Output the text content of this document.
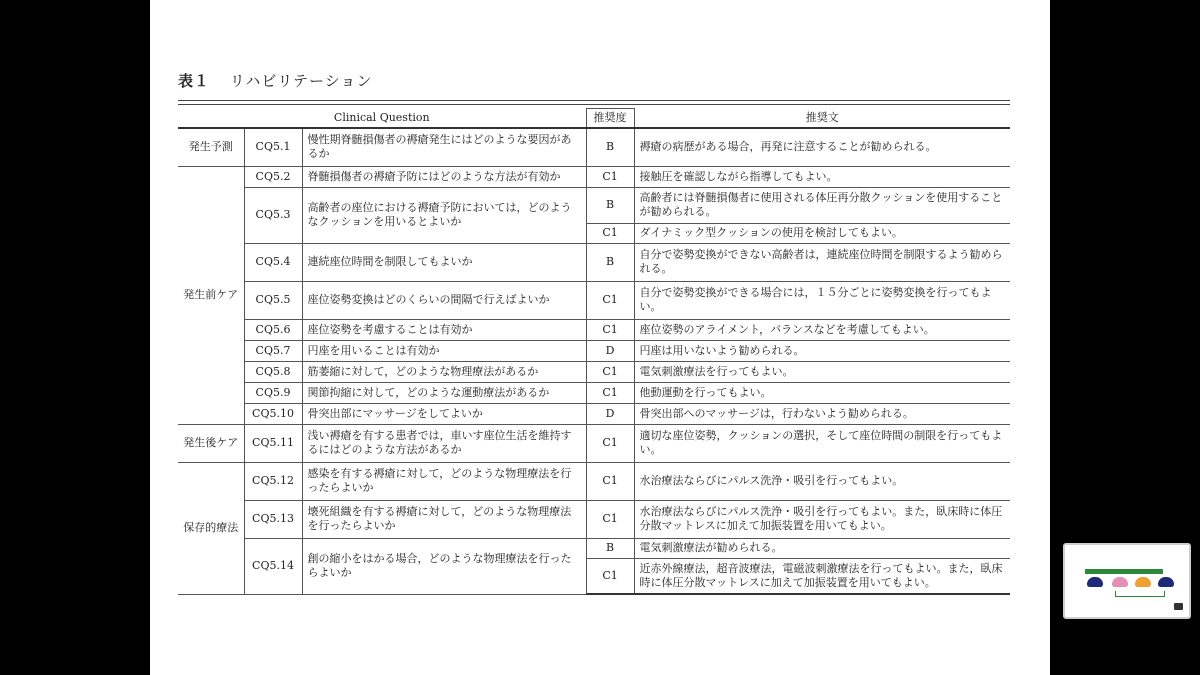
表１ リハビリテーション
Clinical Question			推奨度	推奨文
発生予測	CQ5.1	慢性期脊髄損傷者の褥瘡発生にはどのような要因があるか	B	褥瘡の病歴がある場合，再発に注意することが勧められる。
発生前ケア	CQ5.2	脊髄損傷者の褥瘡予防にはどのような方法が有効か	C1	接触圧を確認しながら指導してもよい。
	CQ5.3	高齢者の座位における褥瘡予防においては，どのようなクッションを用いるとよいか	B	高齢者には脊髄損傷者に使用される体圧再分散クッションを使用することが勧められる。
			C1	ダイナミック型クッションの使用を検討してもよい。
	CQ5.4	連続座位時間を制限してもよいか	B	自分で姿勢変換ができない高齢者は，連続座位時間を制限するよう勧められる。
	CQ5.5	座位姿勢変換はどのくらいの間隔で行えばよいか	C1	自分で姿勢変換ができる場合には，１５分ごとに姿勢変換を行ってもよい。
	CQ5.6	座位姿勢を考慮することは有効か	C1	座位姿勢のアライメント，バランスなどを考慮してもよい。
	CQ5.7	円座を用いることは有効か	D	円座は用いないよう勧められる。
	CQ5.8	筋萎縮に対して，どのような物理療法があるか	C1	電気刺激療法を行ってもよい。
	CQ5.9	関節拘縮に対して，どのような運動療法があるか	C1	他動運動を行ってもよい。
	CQ5.10	骨突出部にマッサージをしてよいか	D	骨突出部へのマッサージは，行わないよう勧められる。
発生後ケア	CQ5.11	浅い褥瘡を有する患者では，車いす座位生活を維持するにはどのような方法があるか	C1	適切な座位姿勢，クッションの選択，そして座位時間の制限を行ってもよい。
保存的療法	CQ5.12	感染を有する褥瘡に対して，どのような物理療法を行ったらよいか	C1	水治療法ならびにパルス洗浄・吸引を行ってもよい。
	CQ5.13	壊死組織を有する褥瘡に対して，どのような物理療法を行ったらよいか	C1	水治療法ならびにパルス洗浄・吸引を行ってもよい。また，臥床時に体圧分散マットレスに加えて加振装置を用いてもよい。
	CQ5.14	創の縮小をはかる場合，どのような物理療法を行ったらよいか	B	電気刺激療法が勧められる。
			C1	近赤外線療法，超音波療法，電磁波刺激療法を行ってもよい。また，臥床時に体圧分散マットレスに加えて加振装置を用いてもよい。
